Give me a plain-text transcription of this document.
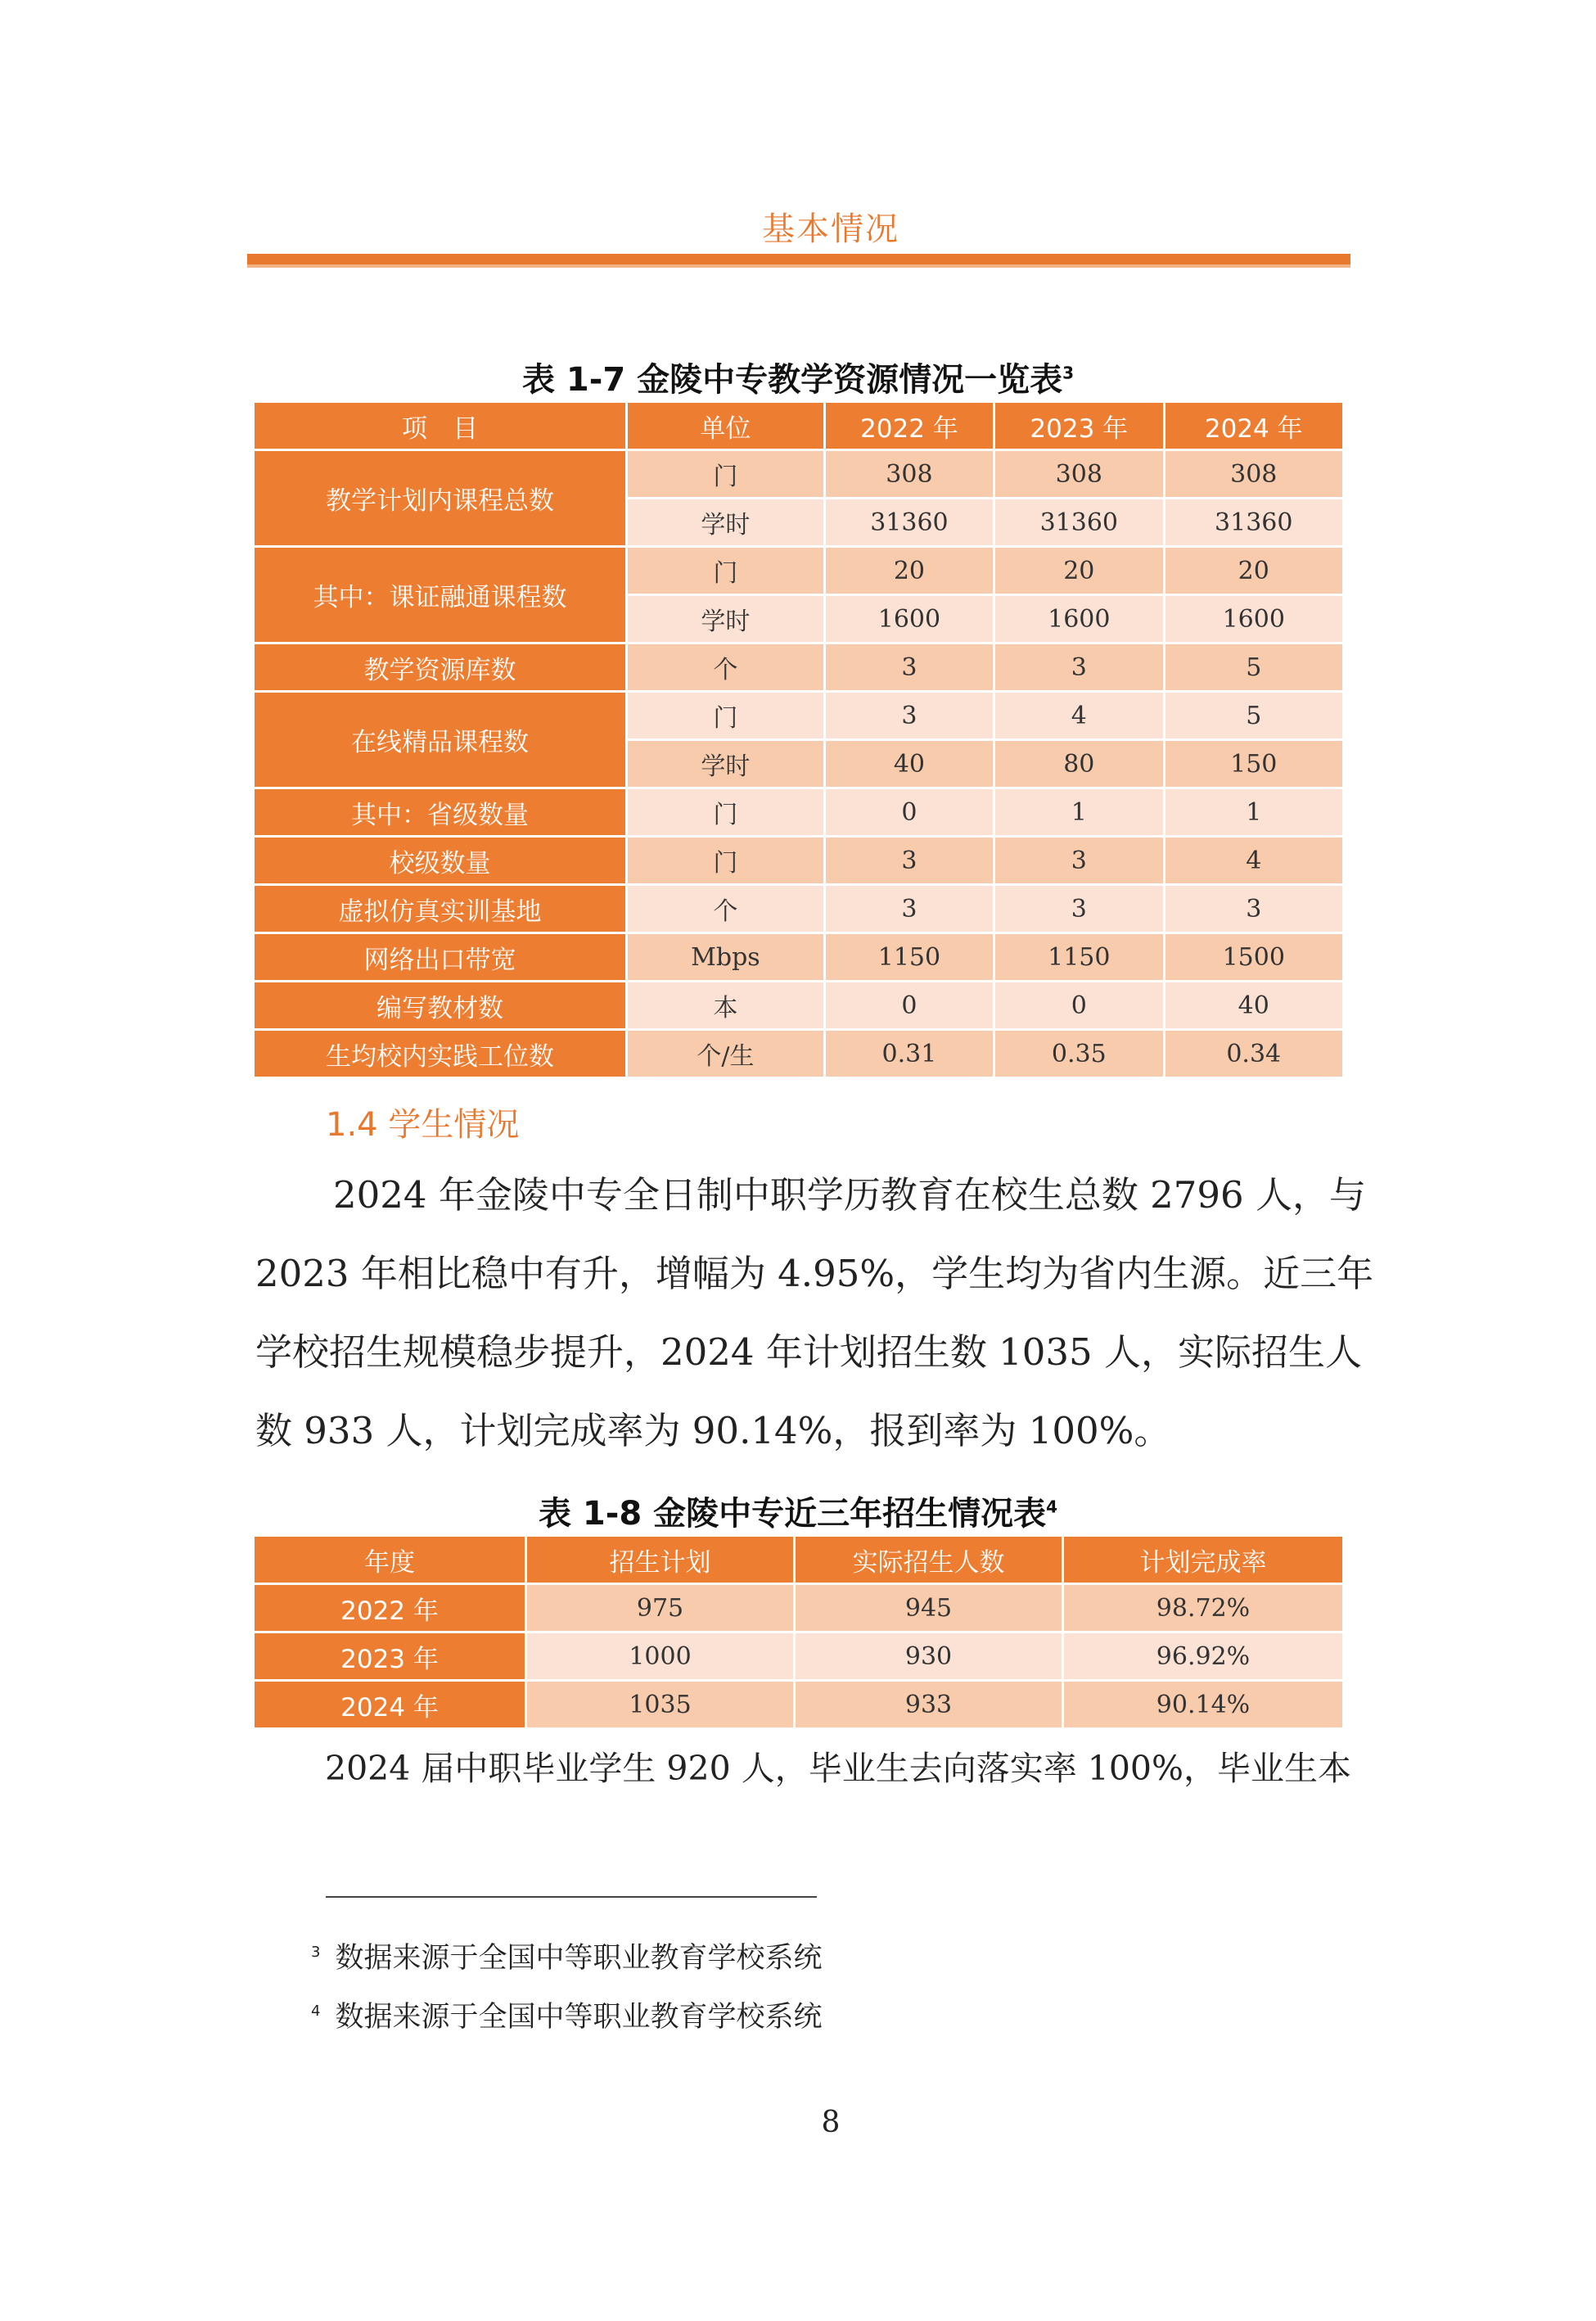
基本情况
表 1-7 金陵中专教学资源情况一览表$^3$
项　目	单位	2022 年	2023 年	2024 年
教学计划内课程总数	门	308	308	308
	学时	31360	31360	31360
其中：课证融通课程数	门	20	20	20
	学时	1600	1600	1600
教学资源库数	个	3	3	5
在线精品课程数	门	3	4	5
	学时	40	80	150
其中：省级数量	门	0	1	1
校级数量	门	3	3	4
虚拟仿真实训基地	个	3	3	3
网络出口带宽	Mbps	1150	1150	1500
编写教材数	本	0	0	40
生均校内实践工位数	个/生	0.31	0.35	0.34
1.4 学生情况
2024 年金陵中专全日制中职学历教育在校生总数 2796 人，与 2023 年相比稳中有升，增幅为 4.95%，学生均为省内生源。近三年学校招生规模稳步提升，2024 年计划招生数 1035 人，实际招生人数 933 人，计划完成率为 90.14%，报到率为 100%。
表 1-8 金陵中专近三年招生情况表$^4$
年度	招生计划	实际招生人数	计划完成率
2022 年	975	945	98.72%
2023 年	1000	930	96.92%
2024 年	1035	933	90.14%
2024 届中职毕业学生 920 人，毕业生去向落实率 100%，毕业生本
$^3$ 数据来源于全国中等职业教育学校系统
$^4$ 数据来源于全国中等职业教育学校系统
8
